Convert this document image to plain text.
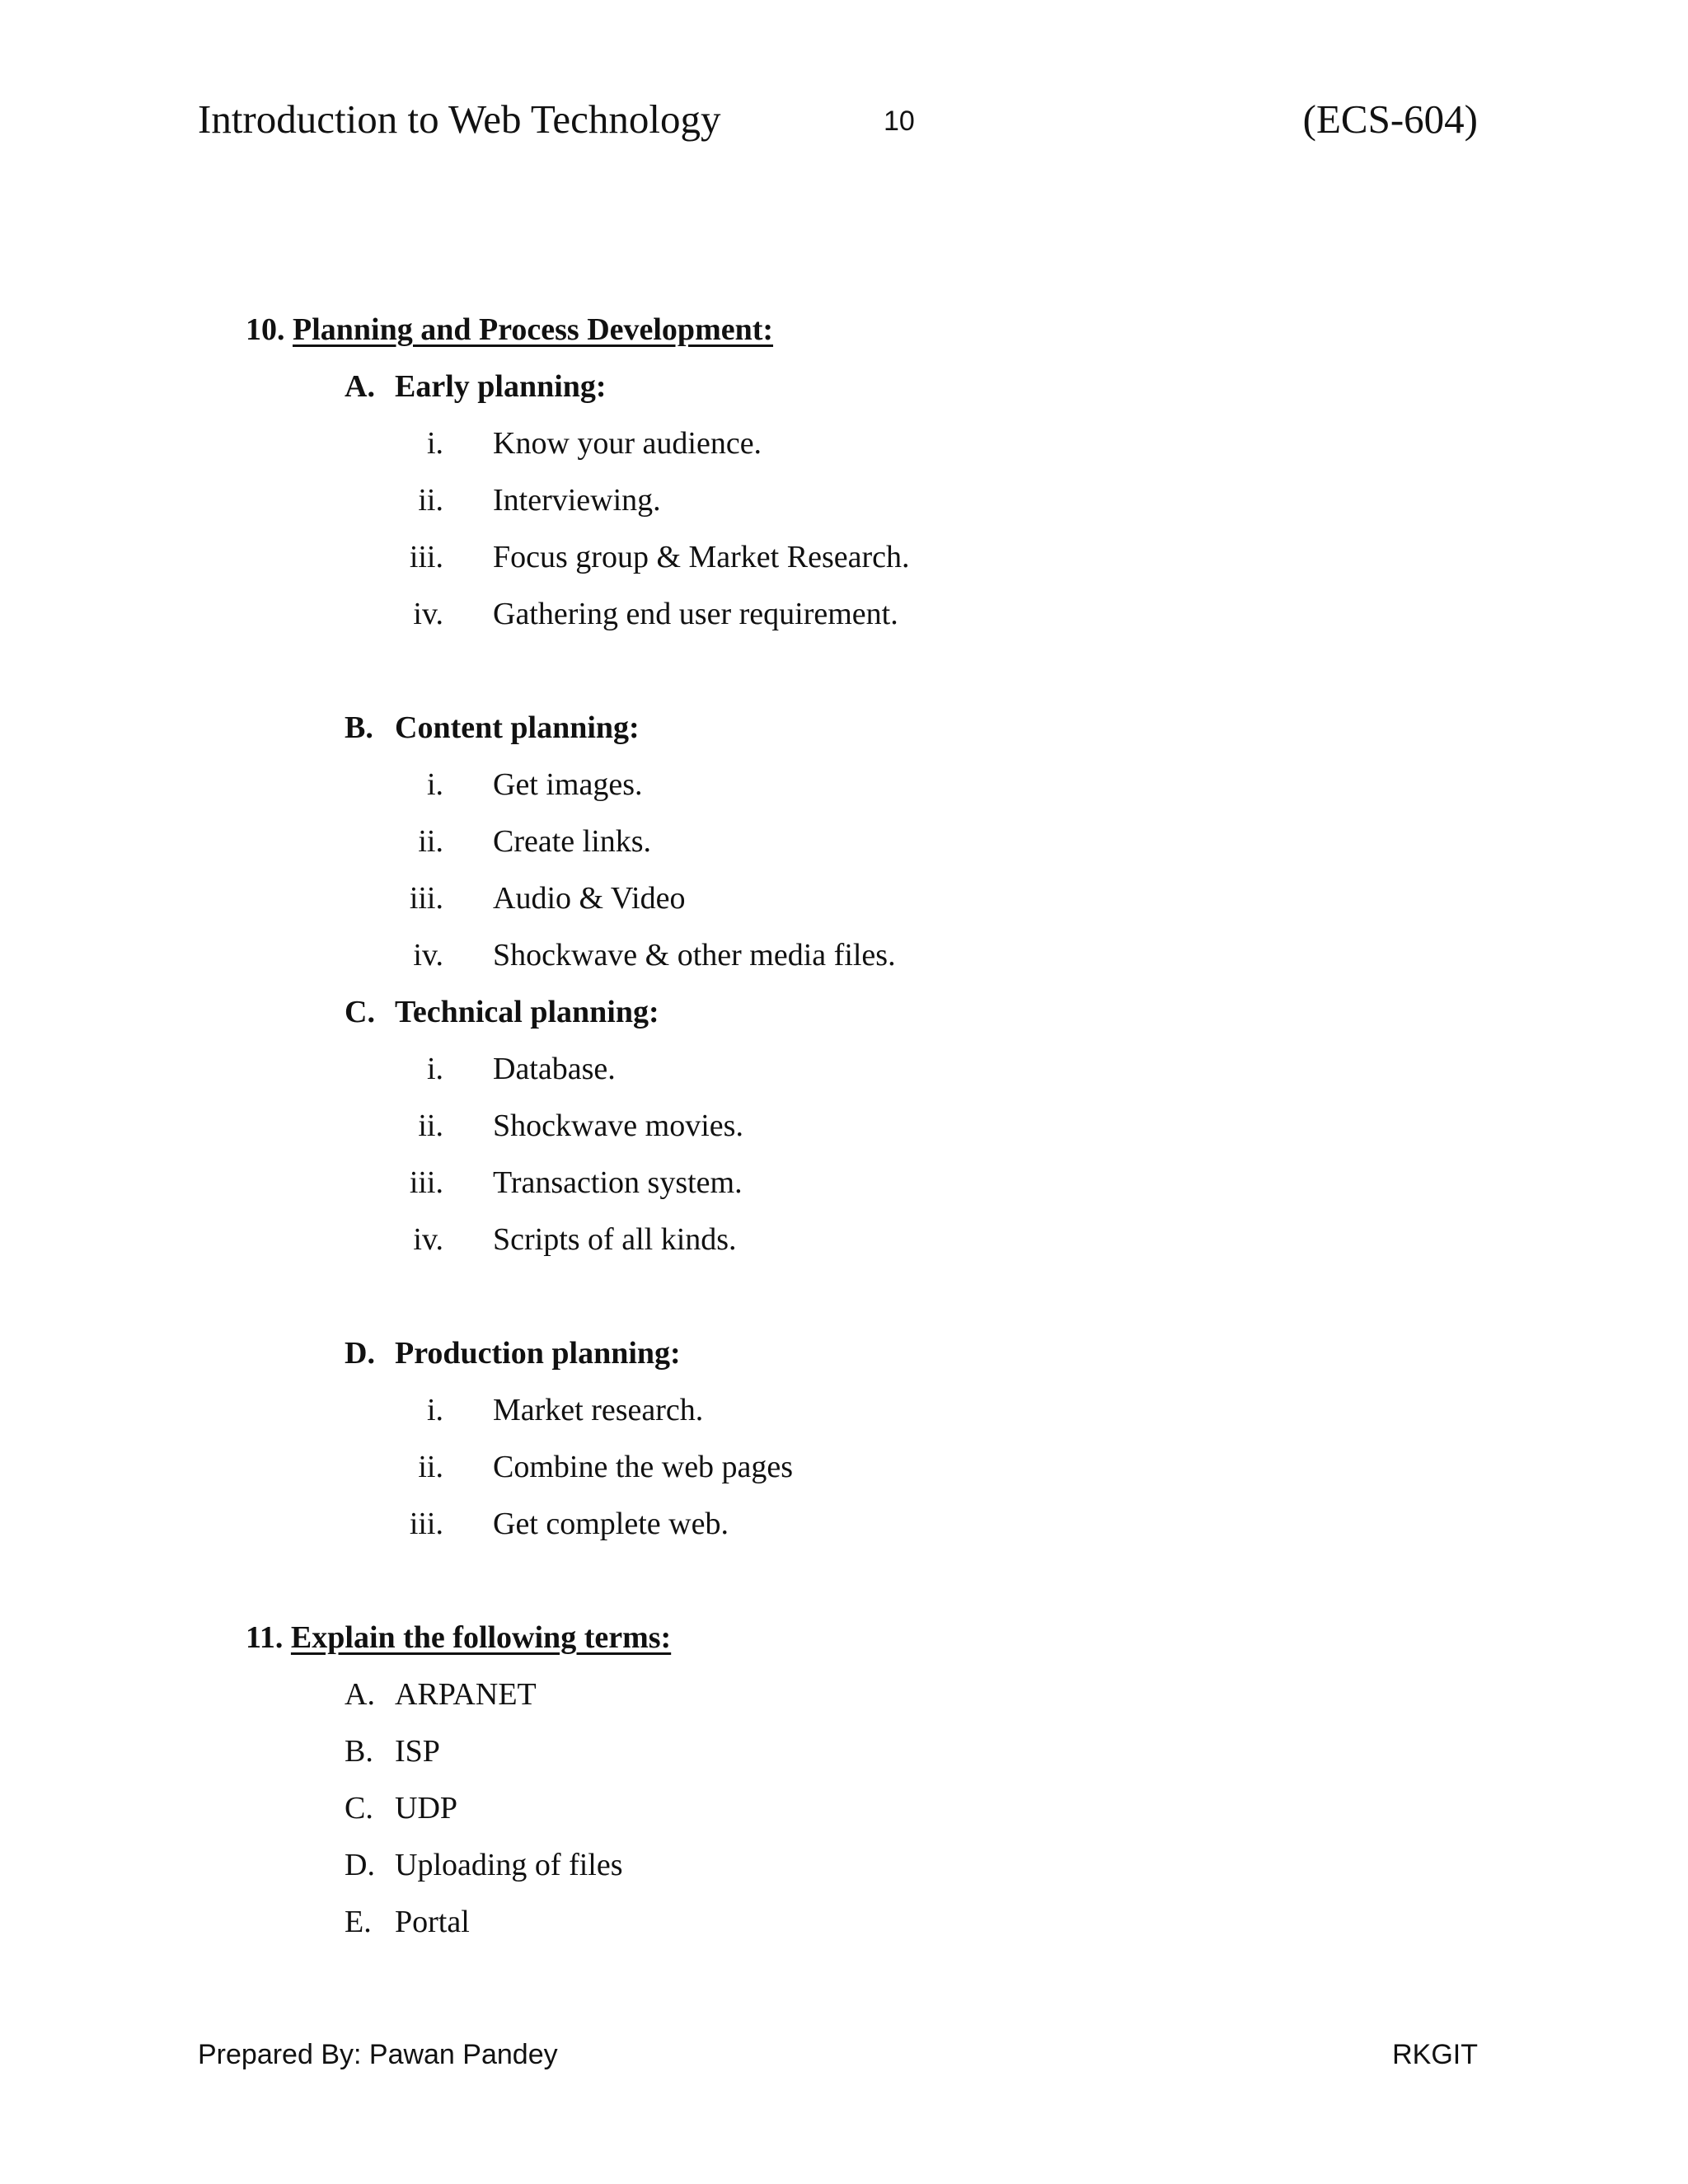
Introduction to Web Technology	10	(ECS-604)
10. Planning and Process Development:
A. Early planning:
i. Know your audience.
ii. Interviewing.
iii. Focus group & Market Research.
iv. Gathering end user requirement.
B. Content planning:
i. Get images.
ii. Create links.
iii. Audio & Video
iv. Shockwave & other media files.
C. Technical planning:
i. Database.
ii. Shockwave movies.
iii. Transaction system.
iv. Scripts of all kinds.
D. Production planning:
i. Market research.
ii. Combine the web pages
iii. Get complete web.
11. Explain the following terms:
A. ARPANET
B. ISP
C. UDP
D. Uploading of files
E. Portal
Prepared By: Pawan Pandey	RKGIT
